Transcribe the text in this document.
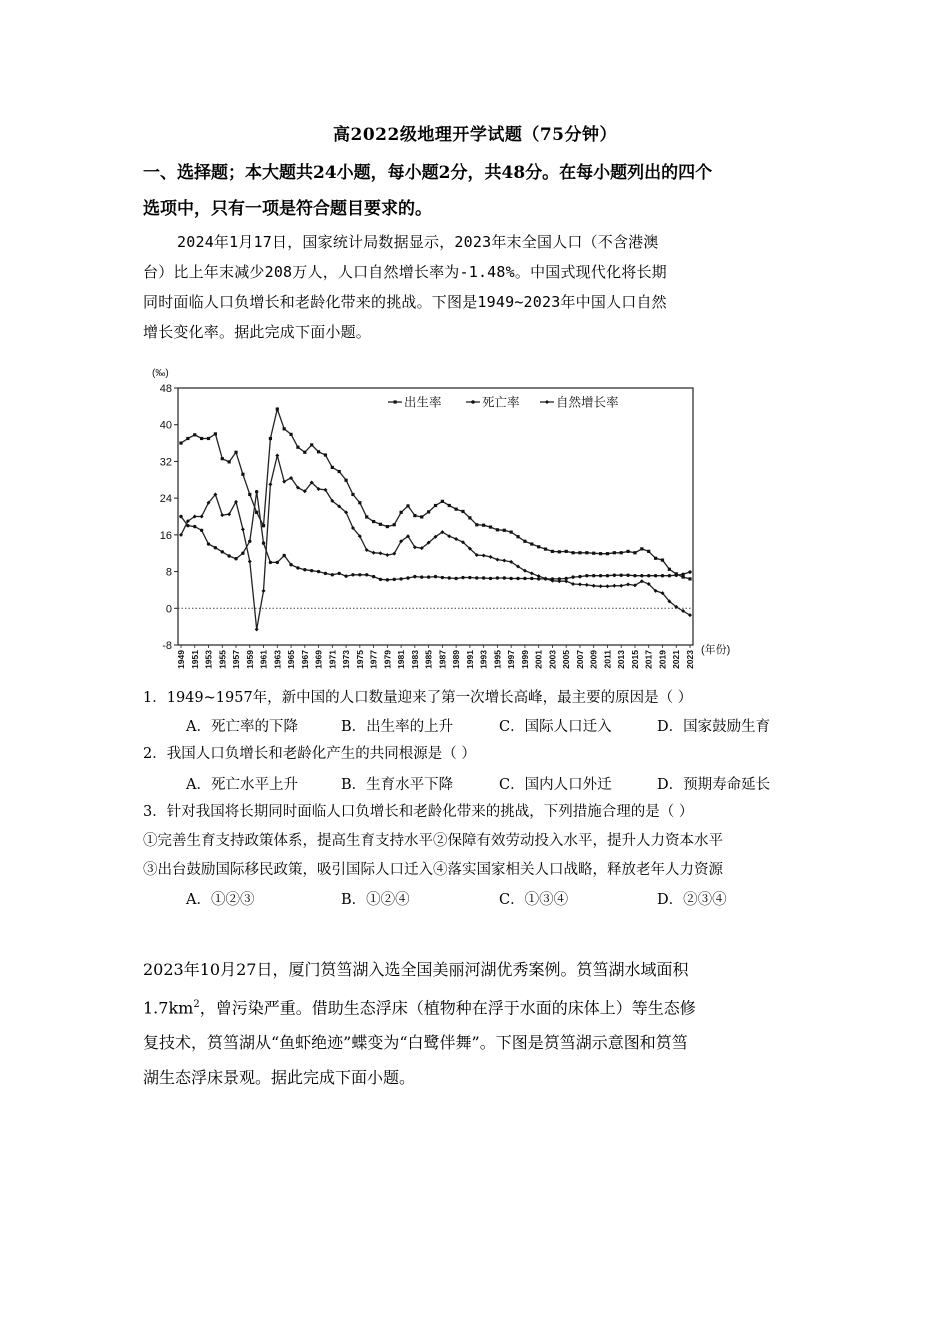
高2022级地理开学试题（75分钟）
一、选择题；本大题共24小题，每小题2分，共48分。在每小题列出的四个
选项中，只有一项是符合题目要求的。
2024年1月17日，国家统计局数据显示，2023年末全国人口（不含港澳
台）比上年末减少208万人，人口自然增长率为-1.48%。中国式现代化将长期
同时面临人口负增长和老龄化带来的挑战。下图是1949~2023年中国人口自然
增长变化率。据此完成下面小题。
48
40
32
24
16
8
0
-8
(‰)
1949 1951 1953 1955 1957 1959 1961 1963 1965 1967 1969 1971 1973 1975 1977 1979 1981 1983 1985 1987 1989 1991 1993 1995 1997 1999 2001 2003 2005 2007 2009 2011 2013 2015 2017 2019 2021 2023 (年份)
出生率	死亡率	自然增长率
1．1949~1957年，新中国的人口数量迎来了第一次增长高峰，最主要的原因是（ ）
A．死亡率的下降	B．出生率的上升	C．国际人口迁入	D．国家鼓励生育
2．我国人口负增长和老龄化产生的共同根源是（ ）
A．死亡水平上升	B．生育水平下降	C．国内人口外迁	D．预期寿命延长
3．针对我国将长期同时面临人口负增长和老龄化带来的挑战，下列措施合理的是（ ）
①完善生育支持政策体系，提高生育支持水平②保障有效劳动投入水平，提升人力资本水平
③出台鼓励国际移民政策，吸引国际人口迁入④落实国家相关人口战略，释放老年人力资源
A．①②③	B．①②④	C．①③④	D．②③④
2023年10月27日，厦门筼筜湖入选全国美丽河湖优秀案例。筼筜湖水域面积
$1.7km^2$，曾污染严重。借助生态浮床（植物种在浮于水面的床体上）等生态修
复技术，筼筜湖从“鱼虾绝迹”蝶变为“白鹭伴舞”。下图是筼筜湖示意图和筼筜
湖生态浮床景观。据此完成下面小题。
